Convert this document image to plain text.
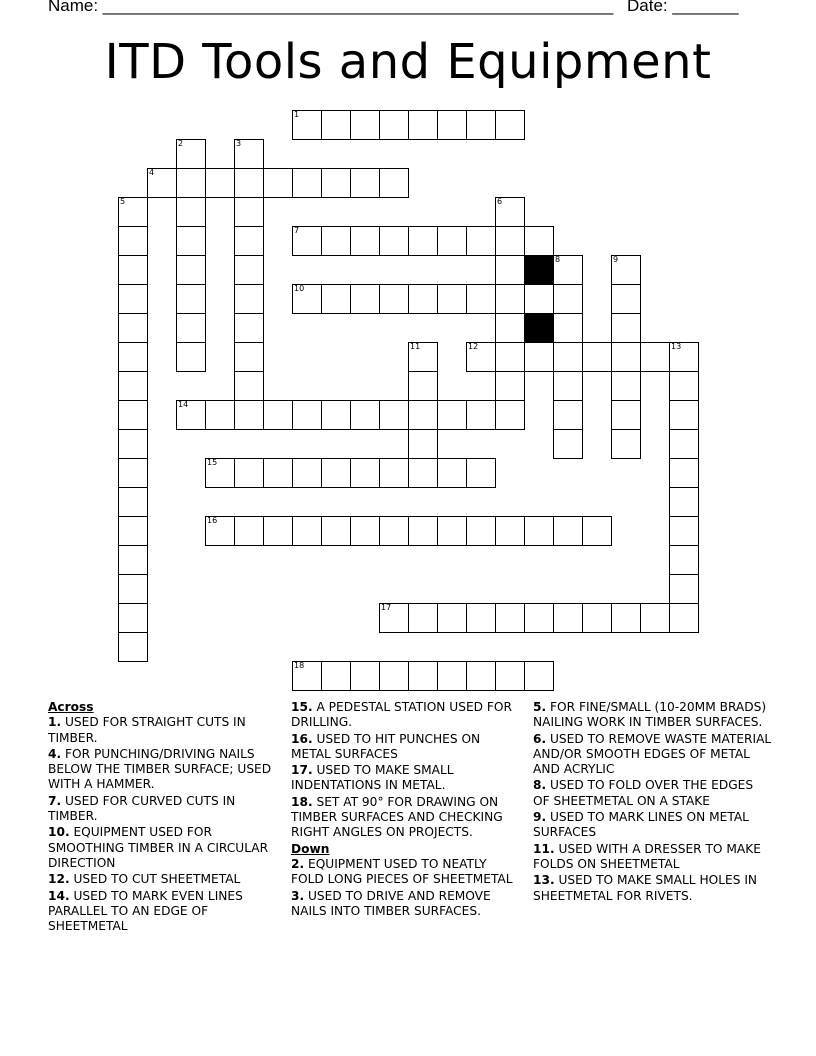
Name: ______________________________________________________ Date: _______
ITD Tools and Equipment
1
2	3
4
5	6
7
8	9
10
11	12	13
14
15
16
17
18
Across
1. USED FOR STRAIGHT CUTS IN TIMBER.
4. FOR PUNCHING/DRIVING NAILS BELOW THE TIMBER SURFACE; USED WITH A HAMMER.
7. USED FOR CURVED CUTS IN TIMBER.
10. EQUIPMENT USED FOR SMOOTHING TIMBER IN A CIRCULAR DIRECTION
12. USED TO CUT SHEETMETAL
14. USED TO MARK EVEN LINES PARALLEL TO AN EDGE OF SHEETMETAL
15. A PEDESTAL STATION USED FOR DRILLING.
16. USED TO HIT PUNCHES ON METAL SURFACES
17. USED TO MAKE SMALL INDENTATIONS IN METAL.
18. SET AT 90° FOR DRAWING ON TIMBER SURFACES AND CHECKING RIGHT ANGLES ON PROJECTS.
Down
2. EQUIPMENT USED TO NEATLY FOLD LONG PIECES OF SHEETMETAL
3. USED TO DRIVE AND REMOVE NAILS INTO TIMBER SURFACES.
5. FOR FINE/SMALL (10-20MM BRADS) NAILING WORK IN TIMBER SURFACES.
6. USED TO REMOVE WASTE MATERIAL AND/OR SMOOTH EDGES OF METAL AND ACRYLIC
8. USED TO FOLD OVER THE EDGES OF SHEETMETAL ON A STAKE
9. USED TO MARK LINES ON METAL SURFACES
11. USED WITH A DRESSER TO MAKE FOLDS ON SHEETMETAL
13. USED TO MAKE SMALL HOLES IN SHEETMETAL FOR RIVETS.
